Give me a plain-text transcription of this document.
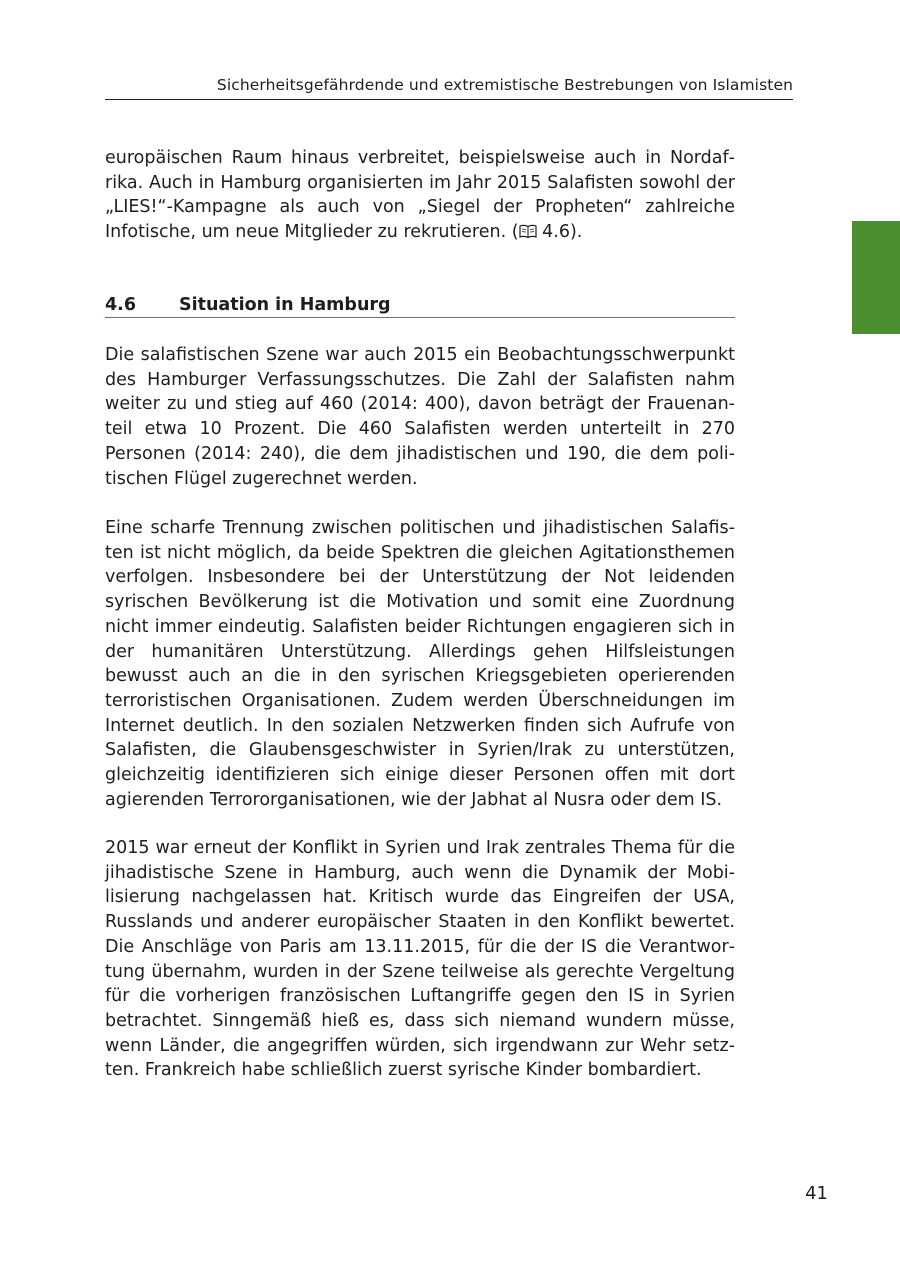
Sicherheitsgefährdende und extremistische Bestrebungen von Islamisten

europäischen Raum hinaus verbreitet, beispielsweise auch in Nordafrika. Auch in Hamburg organisierten im Jahr 2015 Salafisten sowohl der „LIES!“-Kampagne als auch von „Siegel der Propheten“ zahlreiche Infotische, um neue Mitglieder zu rekrutieren. ( 4.6).

4.6 Situation in Hamburg

Die salafistischen Szene war auch 2015 ein Beobachtungsschwerpunkt des Hamburger Verfassungsschutzes. Die Zahl der Salafisten nahm weiter zu und stieg auf 460 (2014: 400), davon beträgt der Frauenanteil etwa 10 Prozent. Die 460 Salafisten werden unterteilt in 270 Personen (2014: 240), die dem jihadistischen und 190, die dem politischen Flügel zugerechnet werden.

Eine scharfe Trennung zwischen politischen und jihadistischen Salafisten ist nicht möglich, da beide Spektren die gleichen Agitationsthemen verfolgen. Insbesondere bei der Unterstützung der Not leidenden syrischen Bevölkerung ist die Motivation und somit eine Zuordnung nicht immer eindeutig. Salafisten beider Richtungen engagieren sich in der humanitären Unterstützung. Allerdings gehen Hilfsleistungen bewusst auch an die in den syrischen Kriegsgebieten operierenden terroristischen Organisationen. Zudem werden Überschneidungen im Internet deutlich. In den sozialen Netzwerken finden sich Aufrufe von Salafisten, die Glaubensgeschwister in Syrien/Irak zu unterstützen, gleichzeitig identifizieren sich einige dieser Personen offen mit dort agierenden Terrororganisationen, wie der Jabhat al Nusra oder dem IS.

2015 war erneut der Konflikt in Syrien und Irak zentrales Thema für die jihadistische Szene in Hamburg, auch wenn die Dynamik der Mobilisierung nachgelassen hat. Kritisch wurde das Eingreifen der USA, Russlands und anderer europäischer Staaten in den Konflikt bewertet. Die Anschläge von Paris am 13.11.2015, für die der IS die Verantwortung übernahm, wurden in der Szene teilweise als gerechte Vergeltung für die vorherigen französischen Luftangriffe gegen den IS in Syrien betrachtet. Sinngemäß hieß es, dass sich niemand wundern müsse, wenn Länder, die angegriffen würden, sich irgendwann zur Wehr setzten. Frankreich habe schließlich zuerst syrische Kinder bombardiert.

41
